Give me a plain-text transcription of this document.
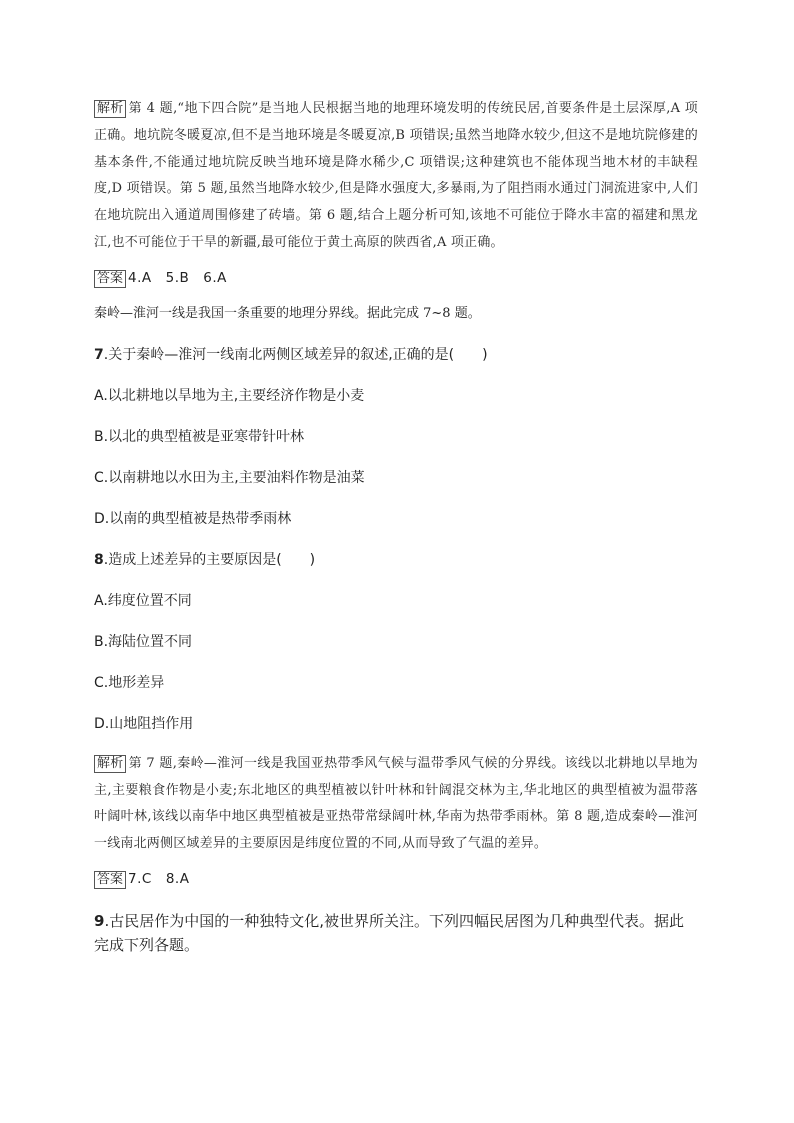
解析 第 4 题,“地下四合院”是当地人民根据当地的地理环境发明的传统民居,首要条件是土层深厚,A 项正确。地坑院冬暖夏凉,但不是当地环境是冬暖夏凉,B 项错误;虽然当地降水较少,但这不是地坑院修建的基本条件,不能通过地坑院反映当地环境是降水稀少,C 项错误;这种建筑也不能体现当地木材的丰缺程度,D 项错误。第 5 题,虽然当地降水较少,但是降水强度大,多暴雨,为了阻挡雨水通过门洞流进家中,人们在地坑院出入通道周围修建了砖墙。第 6 题,结合上题分析可知,该地不可能位于降水丰富的福建和黑龙江,也不可能位于干旱的新疆,最可能位于黄土高原的陕西省,A 项正确。

答案 4.A　5.B　6.A
秦岭—淮河一线是我国一条重要的地理分界线。据此完成 7~8 题。
7.关于秦岭—淮河一线南北两侧区域差异的叙述,正确的是(　　)
A.以北耕地以旱地为主,主要经济作物是小麦
B.以北的典型植被是亚寒带针叶林
C.以南耕地以水田为主,主要油料作物是油菜
D.以南的典型植被是热带季雨林
8.造成上述差异的主要原因是(　　)
A.纬度位置不同
B.海陆位置不同
C.地形差异
D.山地阻挡作用

解析 第 7 题,秦岭—淮河一线是我国亚热带季风气候与温带季风气候的分界线。该线以北耕地以旱地为主,主要粮食作物是小麦;东北地区的典型植被以针叶林和针阔混交林为主,华北地区的典型植被为温带落叶阔叶林,该线以南华中地区典型植被是亚热带常绿阔叶林,华南为热带季雨林。第 8 题,造成秦岭—淮河一线南北两侧区域差异的主要原因是纬度位置的不同,从而导致了气温的差异。

答案 7.C　8.A
9.古民居作为中国的一种独特文化,被世界所关注。下列四幅民居图为几种典型代表。据此完成下列各题。
